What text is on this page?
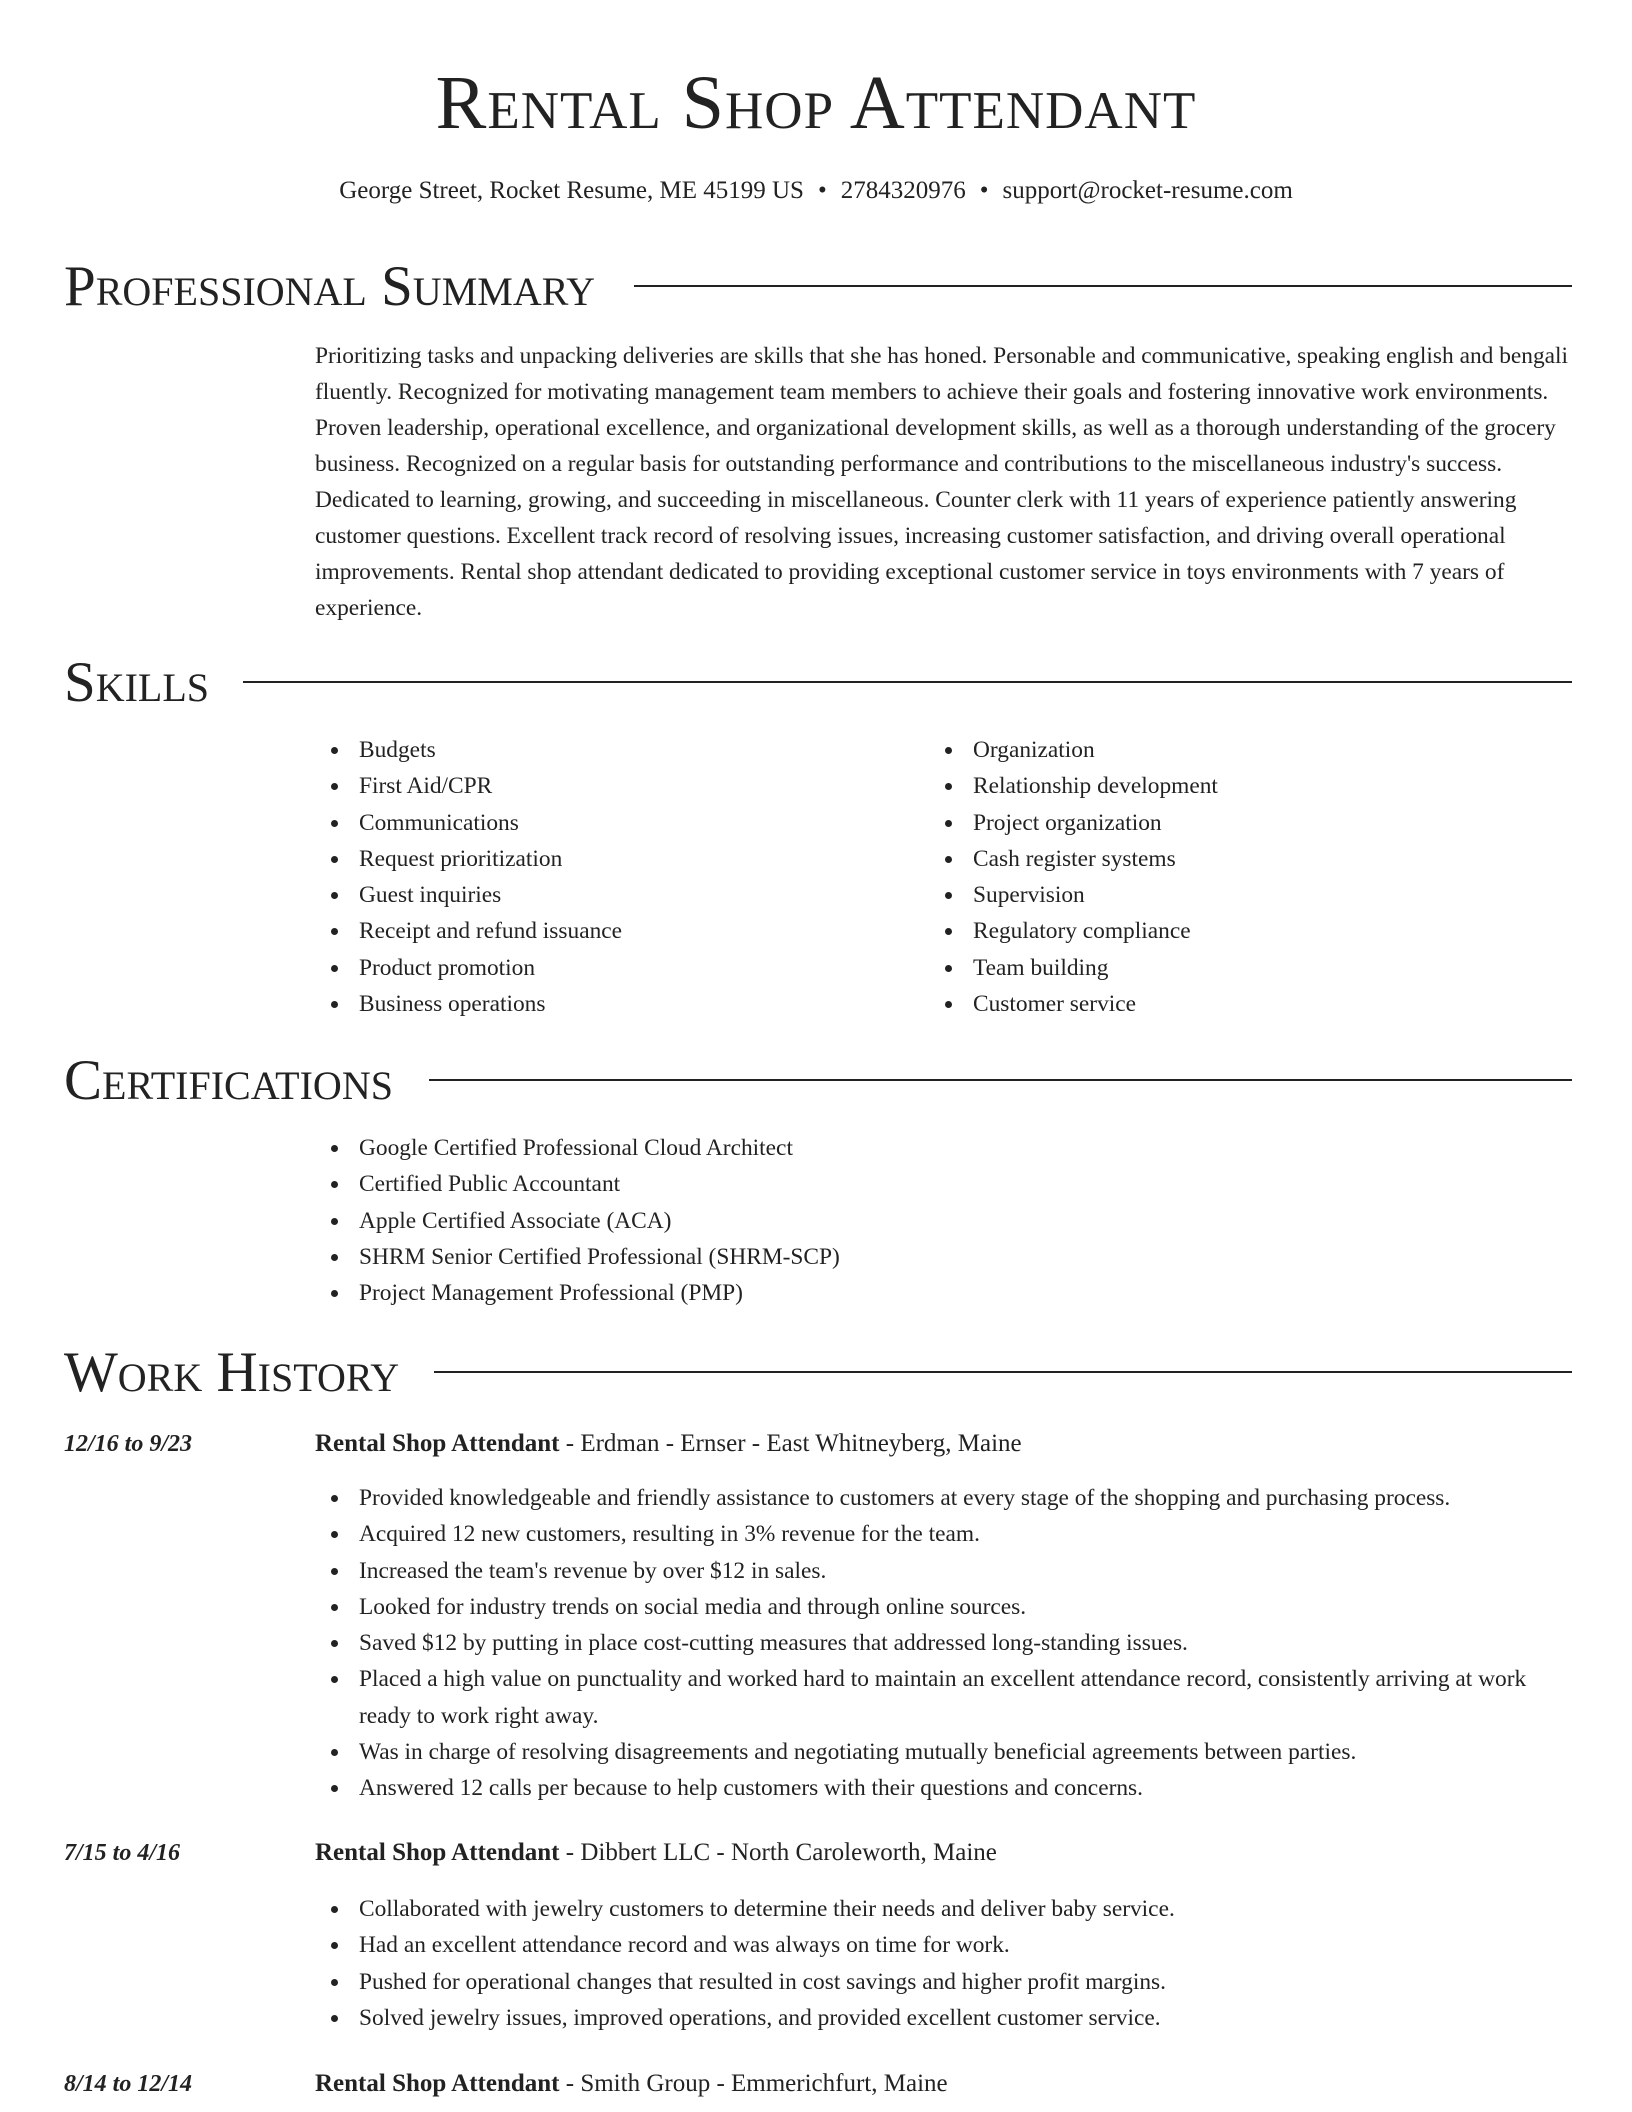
Rental Shop Attendant
George Street, Rocket Resume, ME 45199 US • 2784320976 • support@rocket-resume.com
Professional Summary
Prioritizing tasks and unpacking deliveries are skills that she has honed. Personable and communicative, speaking english and bengali fluently. Recognized for motivating management team members to achieve their goals and fostering innovative work environments. Proven leadership, operational excellence, and organizational development skills, as well as a thorough understanding of the grocery business. Recognized on a regular basis for outstanding performance and contributions to the miscellaneous industry's success. Dedicated to learning, growing, and succeeding in miscellaneous. Counter clerk with 11 years of experience patiently answering customer questions. Excellent track record of resolving issues, increasing customer satisfaction, and driving overall operational improvements. Rental shop attendant dedicated to providing exceptional customer service in toys environments with 7 years of experience.
Skills
Budgets
First Aid/CPR
Communications
Request prioritization
Guest inquiries
Receipt and refund issuance
Product promotion
Business operations
Organization
Relationship development
Project organization
Cash register systems
Supervision
Regulatory compliance
Team building
Customer service
Certifications
Google Certified Professional Cloud Architect
Certified Public Accountant
Apple Certified Associate (ACA)
SHRM Senior Certified Professional (SHRM-SCP)
Project Management Professional (PMP)
Work History
12/16 to 9/23	Rental Shop Attendant - Erdman - Ernser - East Whitneyberg, Maine
Provided knowledgeable and friendly assistance to customers at every stage of the shopping and purchasing process.
Acquired 12 new customers, resulting in 3% revenue for the team.
Increased the team's revenue by over $12 in sales.
Looked for industry trends on social media and through online sources.
Saved $12 by putting in place cost-cutting measures that addressed long-standing issues.
Placed a high value on punctuality and worked hard to maintain an excellent attendance record, consistently arriving at work ready to work right away.
Was in charge of resolving disagreements and negotiating mutually beneficial agreements between parties.
Answered 12 calls per because to help customers with their questions and concerns.
7/15 to 4/16	Rental Shop Attendant - Dibbert LLC - North Caroleworth, Maine
Collaborated with jewelry customers to determine their needs and deliver baby service.
Had an excellent attendance record and was always on time for work.
Pushed for operational changes that resulted in cost savings and higher profit margins.
Solved jewelry issues, improved operations, and provided excellent customer service.
8/14 to 12/14	Rental Shop Attendant - Smith Group - Emmerichfurt, Maine
